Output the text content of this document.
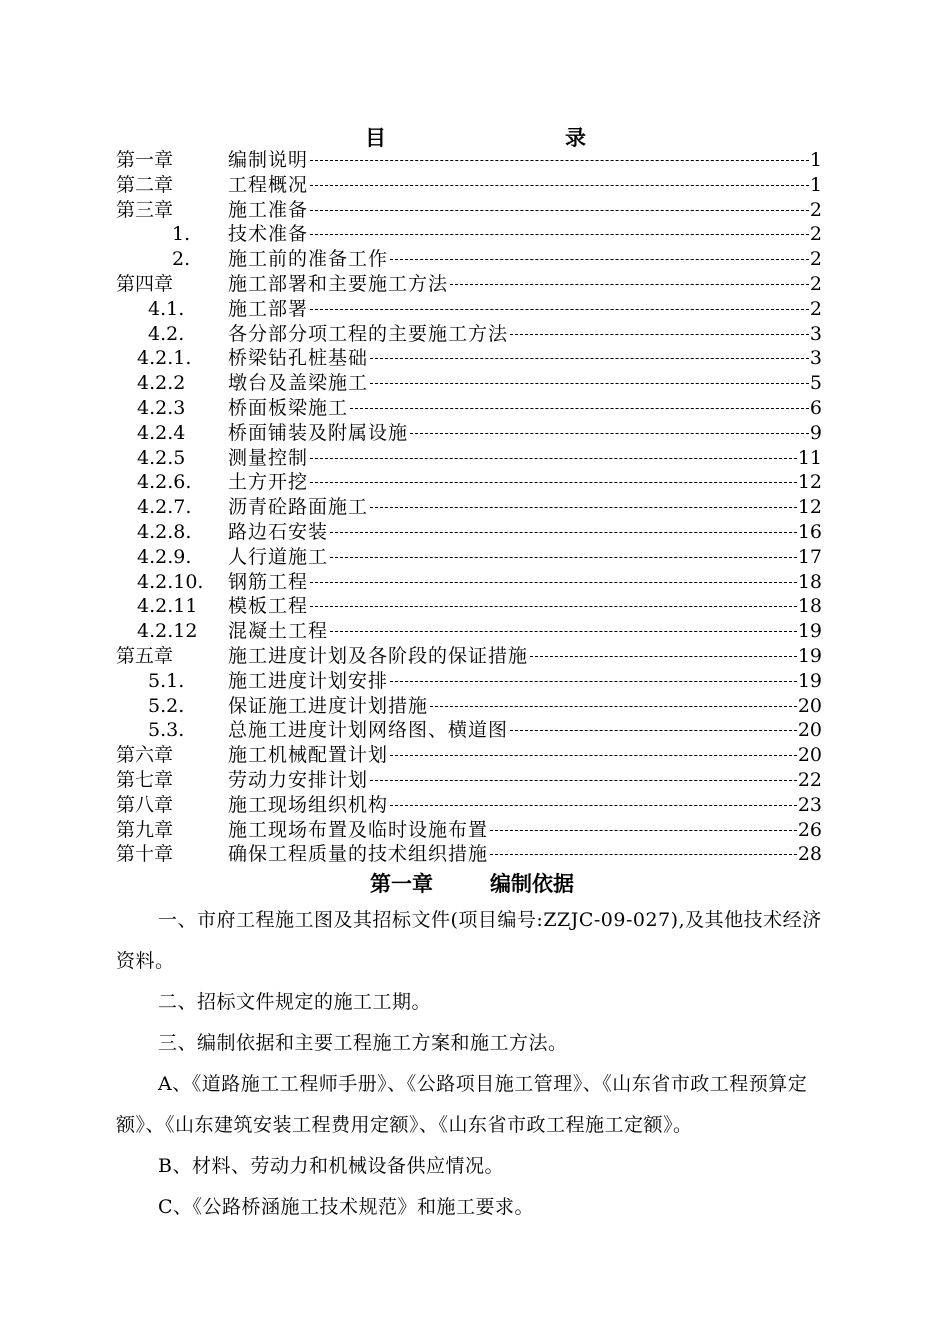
目	录
第一章	编制说明	1
第二章	工程概况	1
第三章	施工准备	2
1. 技术准备	2
2. 施工前的准备工作	2
第四章	施工部署和主要施工方法	2
4.1. 施工部署	2
4.2. 各分部分项工程的主要施工方法	3
4.2.1. 桥梁钻孔桩基础	3
4.2.2 墩台及盖梁施工	5
4.2.3 桥面板梁施工	6
4.2.4 桥面铺装及附属设施	9
4.2.5 测量控制	11
4.2.6. 土方开挖	12
4.2.7. 沥青砼路面施工	12
4.2.8. 路边石安装	16
4.2.9. 人行道施工	17
4.2.10. 钢筋工程	18
4.2.11 模板工程	18
4.2.12 混凝土工程	19
第五章	施工进度计划及各阶段的保证措施	19
5.1. 施工进度计划安排	19
5.2. 保证施工进度计划措施	20
5.3. 总施工进度计划网络图、横道图	20
第六章	施工机械配置计划	20
第七章	劳动力安排计划	22
第八章	施工现场组织机构	23
第九章	施工现场布置及临时设施布置	26
第十章	确保工程质量的技术组织措施	28
第一章	编制依据
一、市府工程施工图及其招标文件(项目编号:ZZJC-09-027),及其他技术经济资料。
二、招标文件规定的施工工期。
三、编制依据和主要工程施工方案和施工方法。
A、《道路施工工程师手册》、《公路项目施工管理》、《山东省市政工程预算定额》、《山东建筑安装工程费用定额》、《山东省市政工程施工定额》。
B、材料、劳动力和机械设备供应情况。
C、《公路桥涵施工技术规范》和施工要求。
